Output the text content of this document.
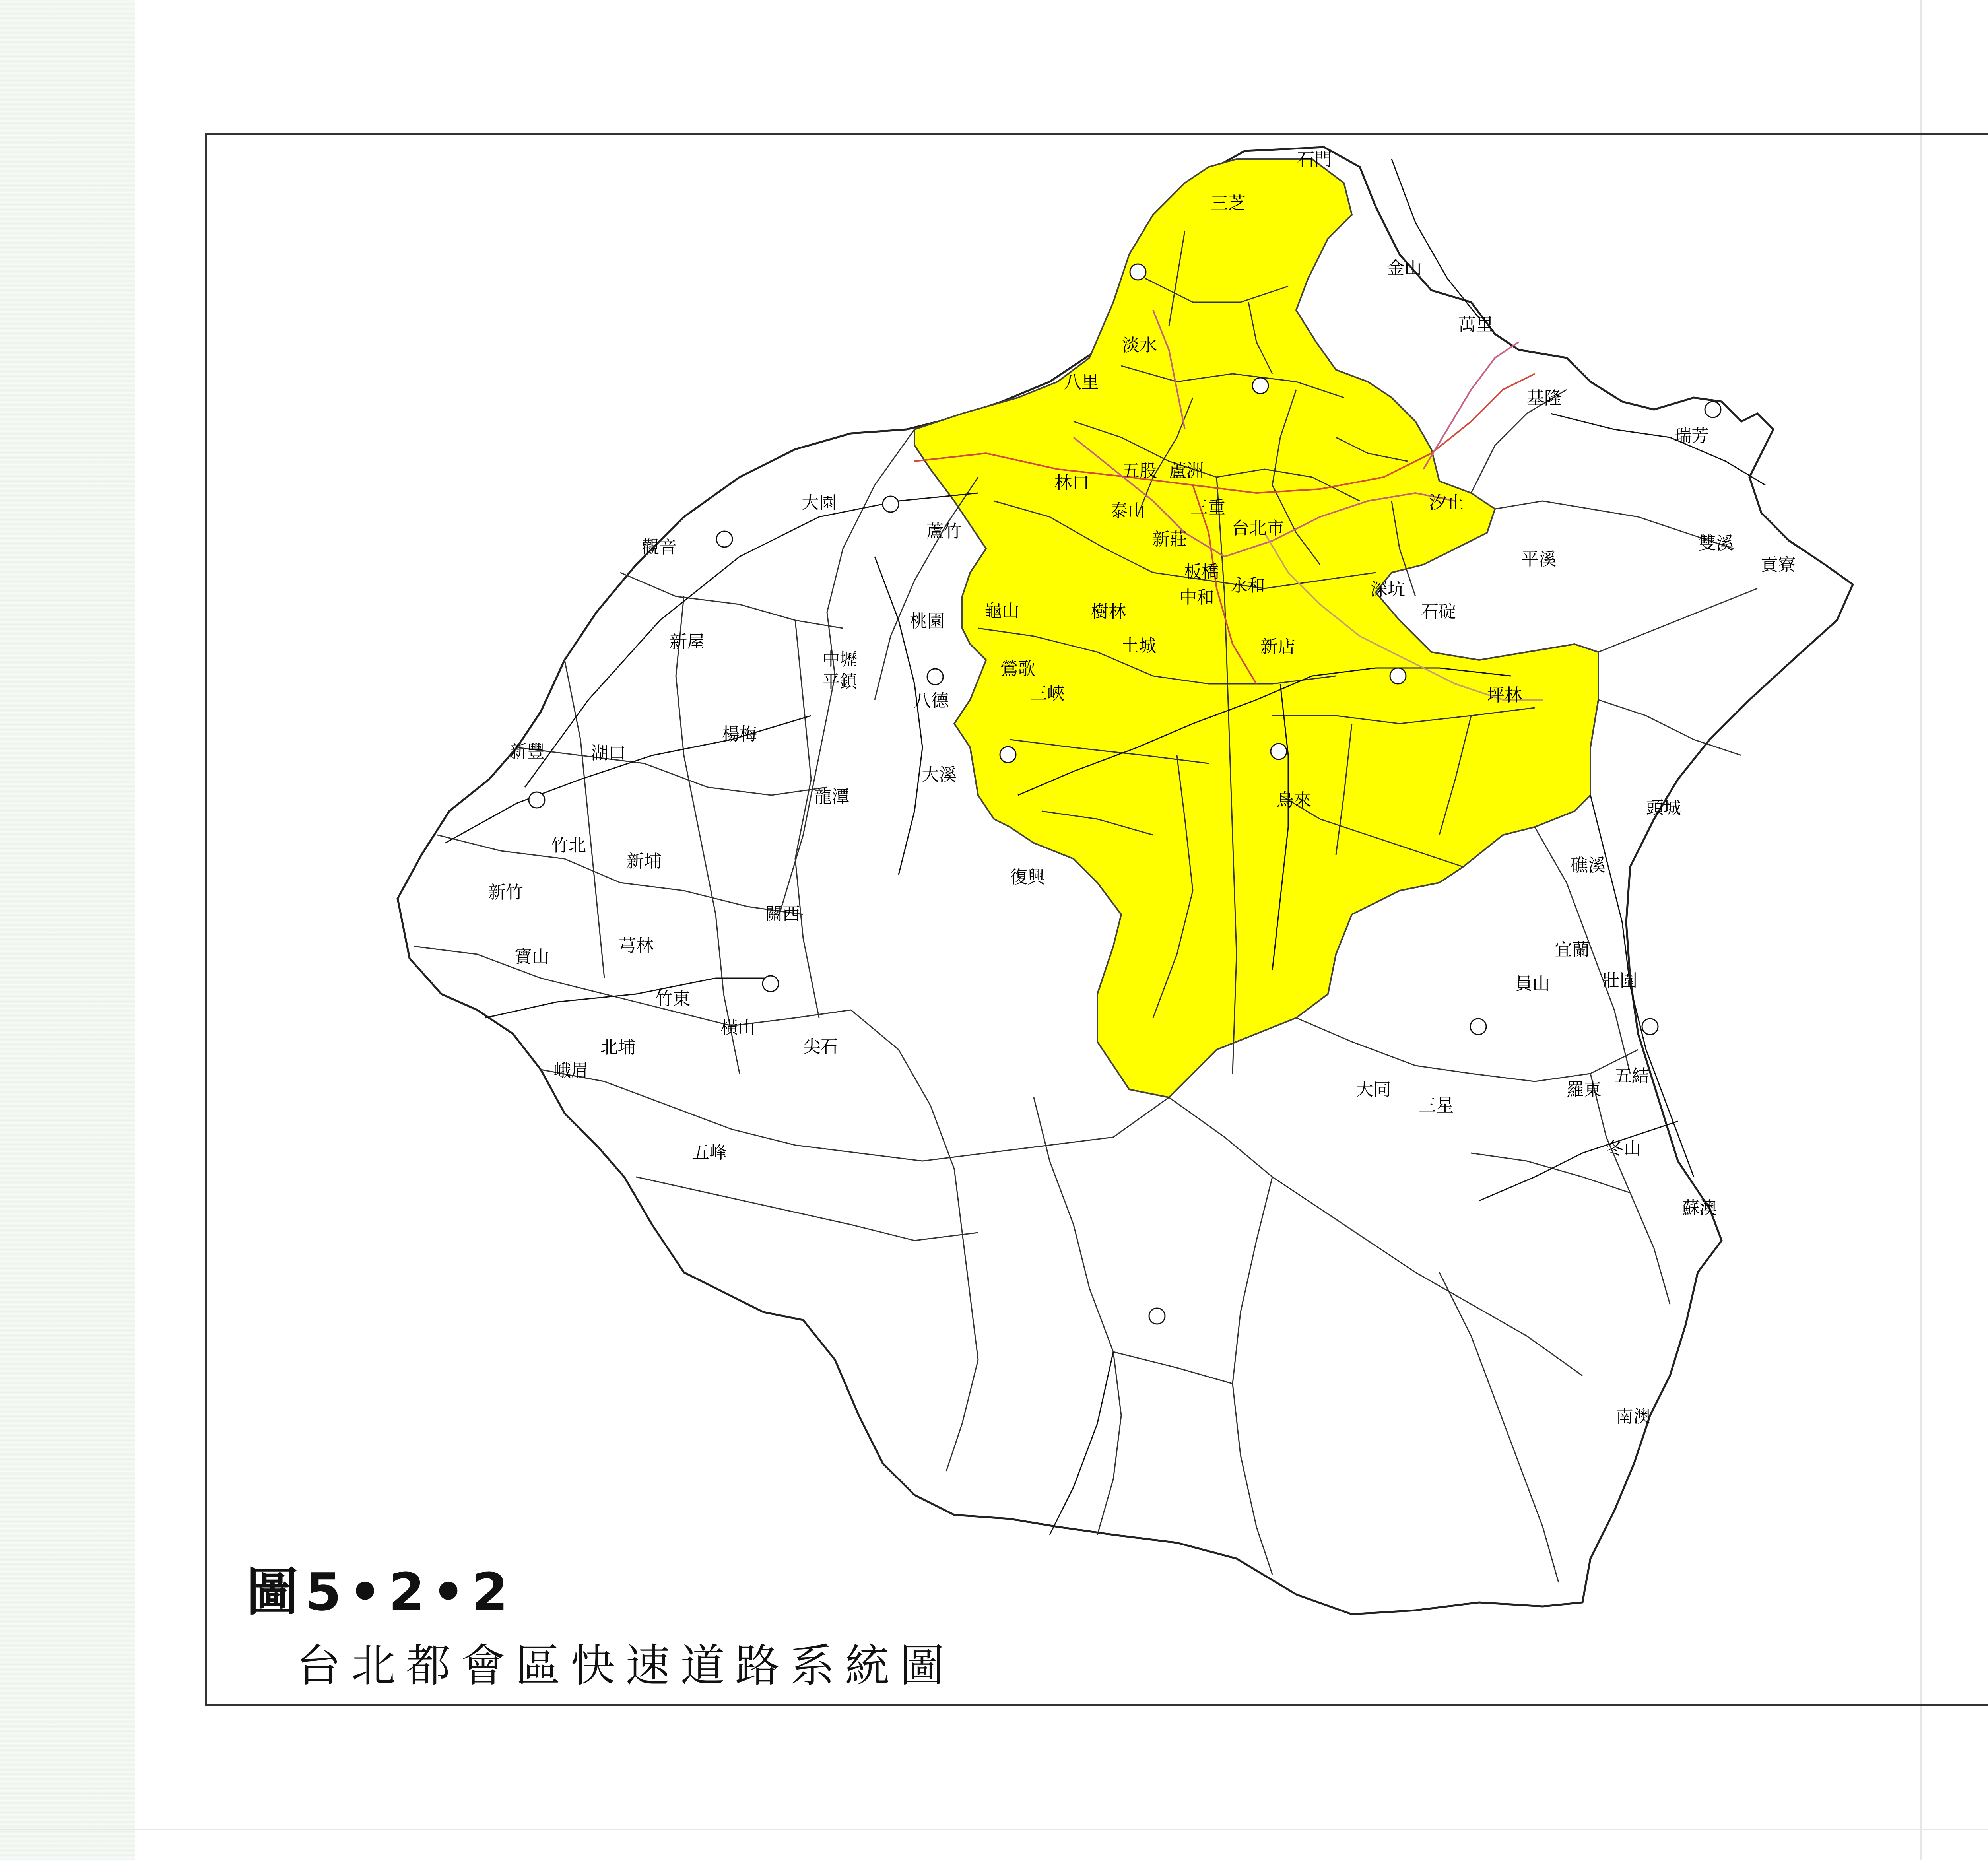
石門
三芝
金山
萬里
基隆
瑞芳
淡水
八里
五股 蘆洲
林口
泰山	三重
台北市
汐止
新莊
板橋
中和
永和	深坑
石碇
平溪
雙溪
貢寮
龜山
桃園	樹林
土城	新店
鶯歌
三峽	坪林
大園
蘆竹
觀音
新屋
中壢
平鎮
八德
楊梅
湖口
新豐
大溪
龍潭
竹北
新埔
新竹
烏來
復興
頭城
礁溪
寶山
芎林
關西
竹東
橫山
北埔
峨眉
尖石
五峰
宜蘭
員山	壯圍
大同
三星
羅東
五結
冬山
蘇澳
南澳
圖5•2•2
台北都會區快速道路系統圖
